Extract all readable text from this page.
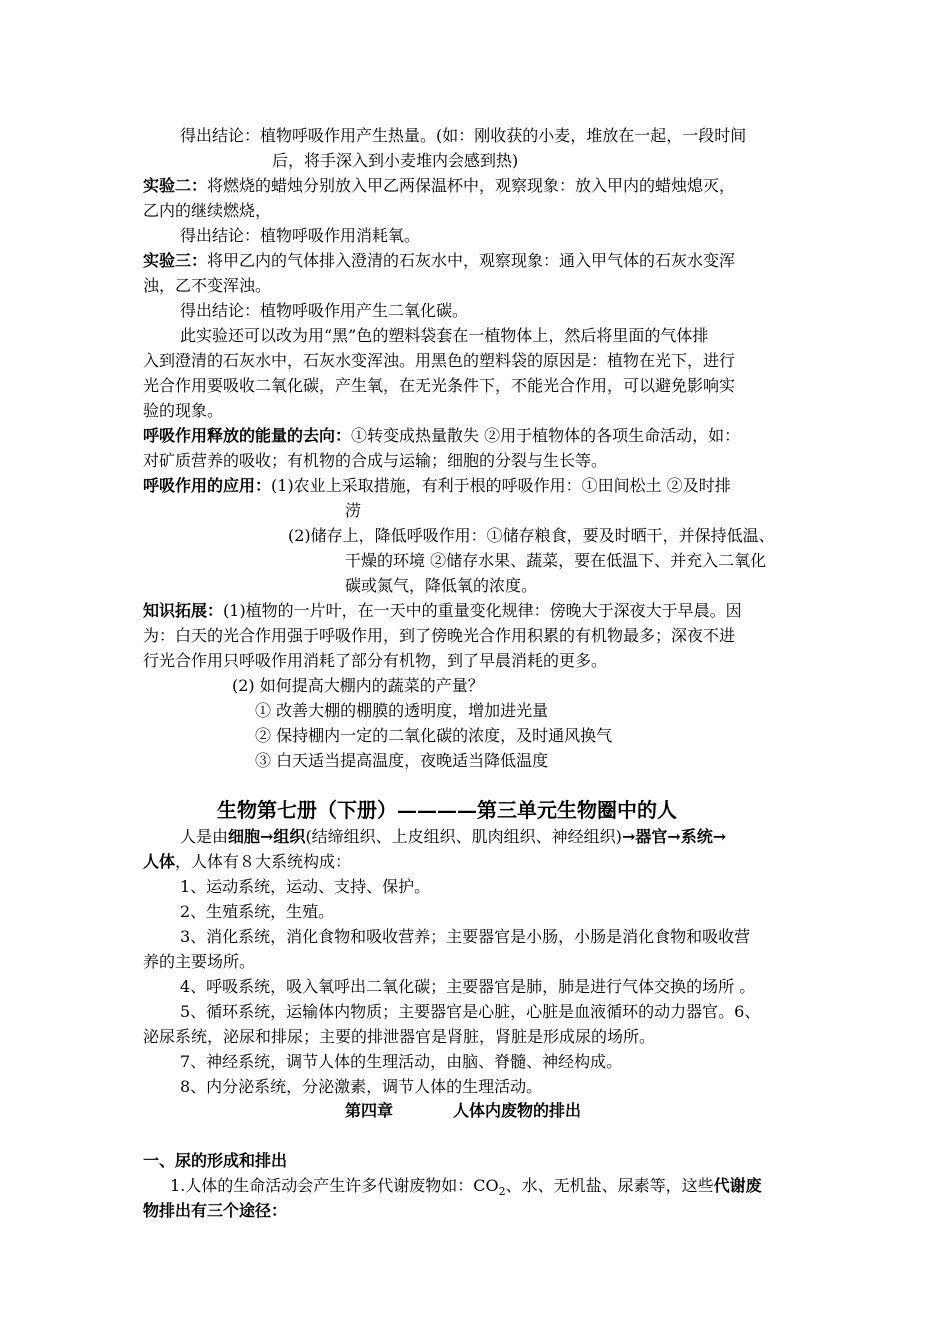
得出结论：植物呼吸作用产生热量。(如：刚收获的小麦，堆放在一起，一段时间
后，将手深入到小麦堆内会感到热)
实验二：将燃烧的蜡烛分别放入甲乙两保温杯中，观察现象：放入甲内的蜡烛熄灭，
乙内的继续燃烧，
得出结论：植物呼吸作用消耗氧。
实验三：将甲乙内的气体排入澄清的石灰水中，观察现象：通入甲气体的石灰水变浑
浊，乙不变浑浊。
得出结论：植物呼吸作用产生二氧化碳。
此实验还可以改为用“黑”色的塑料袋套在一植物体上，然后将里面的气体排
入到澄清的石灰水中，石灰水变浑浊。用黑色的塑料袋的原因是：植物在光下，进行
光合作用要吸收二氧化碳，产生氧，在无光条件下，不能光合作用，可以避免影响实
验的现象。
呼吸作用释放的能量的去向：①转变成热量散失 ②用于植物体的各项生命活动，如：
对矿质营养的吸收；有机物的合成与运输；细胞的分裂与生长等。
呼吸作用的应用：(1)农业上采取措施，有利于根的呼吸作用：①田间松土 ②及时排
涝
(2)储存上，降低呼吸作用：①储存粮食，要及时晒干，并保持低温、
干燥的环境 ②储存水果、蔬菜，要在低温下、并充入二氧化
碳或氮气，降低氧的浓度。
知识拓展：(1)植物的一片叶，在一天中的重量变化规律：傍晚大于深夜大于早晨。因
为：白天的光合作用强于呼吸作用，到了傍晚光合作用积累的有机物最多；深夜不进
行光合作用只呼吸作用消耗了部分有机物，到了早晨消耗的更多。
(2) 如何提高大棚内的蔬菜的产量？
① 改善大棚的棚膜的透明度，增加进光量
② 保持棚内一定的二氧化碳的浓度，及时通风换气
③ 白天适当提高温度，夜晚适当降低温度
生物第七册（下册）————第三单元生物圈中的人
人是由细胞→组织(结缔组织、上皮组织、肌肉组织、神经组织)→器官→系统→
人体，人体有８大系统构成：
1、运动系统，运动、支持、保护。
2、生殖系统，生殖。
3、消化系统，消化食物和吸收营养；主要器官是小肠，小肠是消化食物和吸收营
养的主要场所。
4、呼吸系统，吸入氧呼出二氧化碳；主要器官是肺，肺是进行气体交换的场所 。
5、循环系统，运输体内物质；主要器官是心脏，心脏是血液循环的动力器官。6、
泌尿系统，泌尿和排尿；主要的排泄器官是肾脏，肾脏是形成尿的场所。
7、神经系统，调节人体的生理活动，由脑、脊髓、神经构成。
8、内分泌系统，分泌激素，调节人体的生理活动。
第四章	人体内废物的排出
一、尿的形成和排出
1.人体的生命活动会产生许多代谢废物如：$CO_2$、水、无机盐、尿素等，这些代谢废
物排出有三个途径：
